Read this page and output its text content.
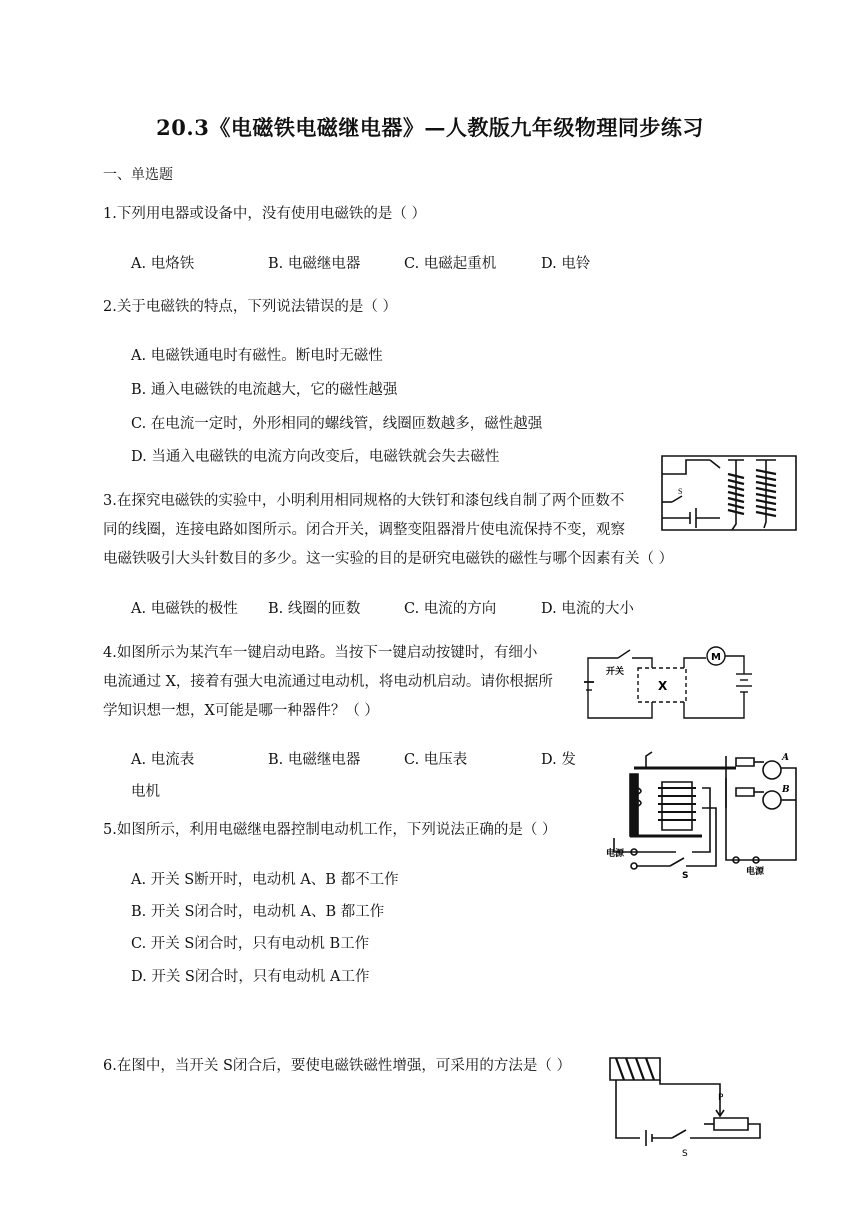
20.3《电磁铁电磁继电器》—人教版九年级物理同步练习
一、单选题
1.下列用电器或设备中，没有使用电磁铁的是（ ）
A. 电烙铁	B. 电磁继电器	C. 电磁起重机	D. 电铃
2.关于电磁铁的特点，下列说法错误的是（ ）
A. 电磁铁通电时有磁性。断电时无磁性
B. 通入电磁铁的电流越大，它的磁性越强
C. 在电流一定时，外形相同的螺线管，线圈匝数越多，磁性越强
D. 当通入电磁铁的电流方向改变后，电磁铁就会失去磁性
S
3.在探究电磁铁的实验中，小明利用相同规格的大铁钉和漆包线自制了两个匝数不
同的线圈，连接电路如图所示。闭合开关，调整变阻器滑片使电流保持不变，观察
电磁铁吸引大头针数目的多少。这一实验的目的是研究电磁铁的磁性与哪个因素有关（ ）
A. 电磁铁的极性 B. 线圈的匝数	C. 电流的方向	D. 电流的大小
开关
X
M
4.如图所示为某汽车一键启动电路。当按下一键启动按键时，有细小
电流通过 X，接着有强大电流通过电动机，将电动机启动。请你根据所
学知识想一想，X可能是哪一种器件？（ ）
A. 电流表	B. 电磁继电器	C. 电压表	D. 发
电机
电源
S	电源
A
B
5.如图所示，利用电磁继电器控制电动机工作，下列说法正确的是（ ）
A. 开关 S断开时，电动机 A、B 都不工作
B. 开关 S闭合时，电动机 A、B 都工作
C. 开关 S闭合时，只有电动机 B工作
D. 开关 S闭合时，只有电动机 A工作
6.在图中，当开关 S闭合后，要使电磁铁磁性增强，可采用的方法是（ ）
P
S
